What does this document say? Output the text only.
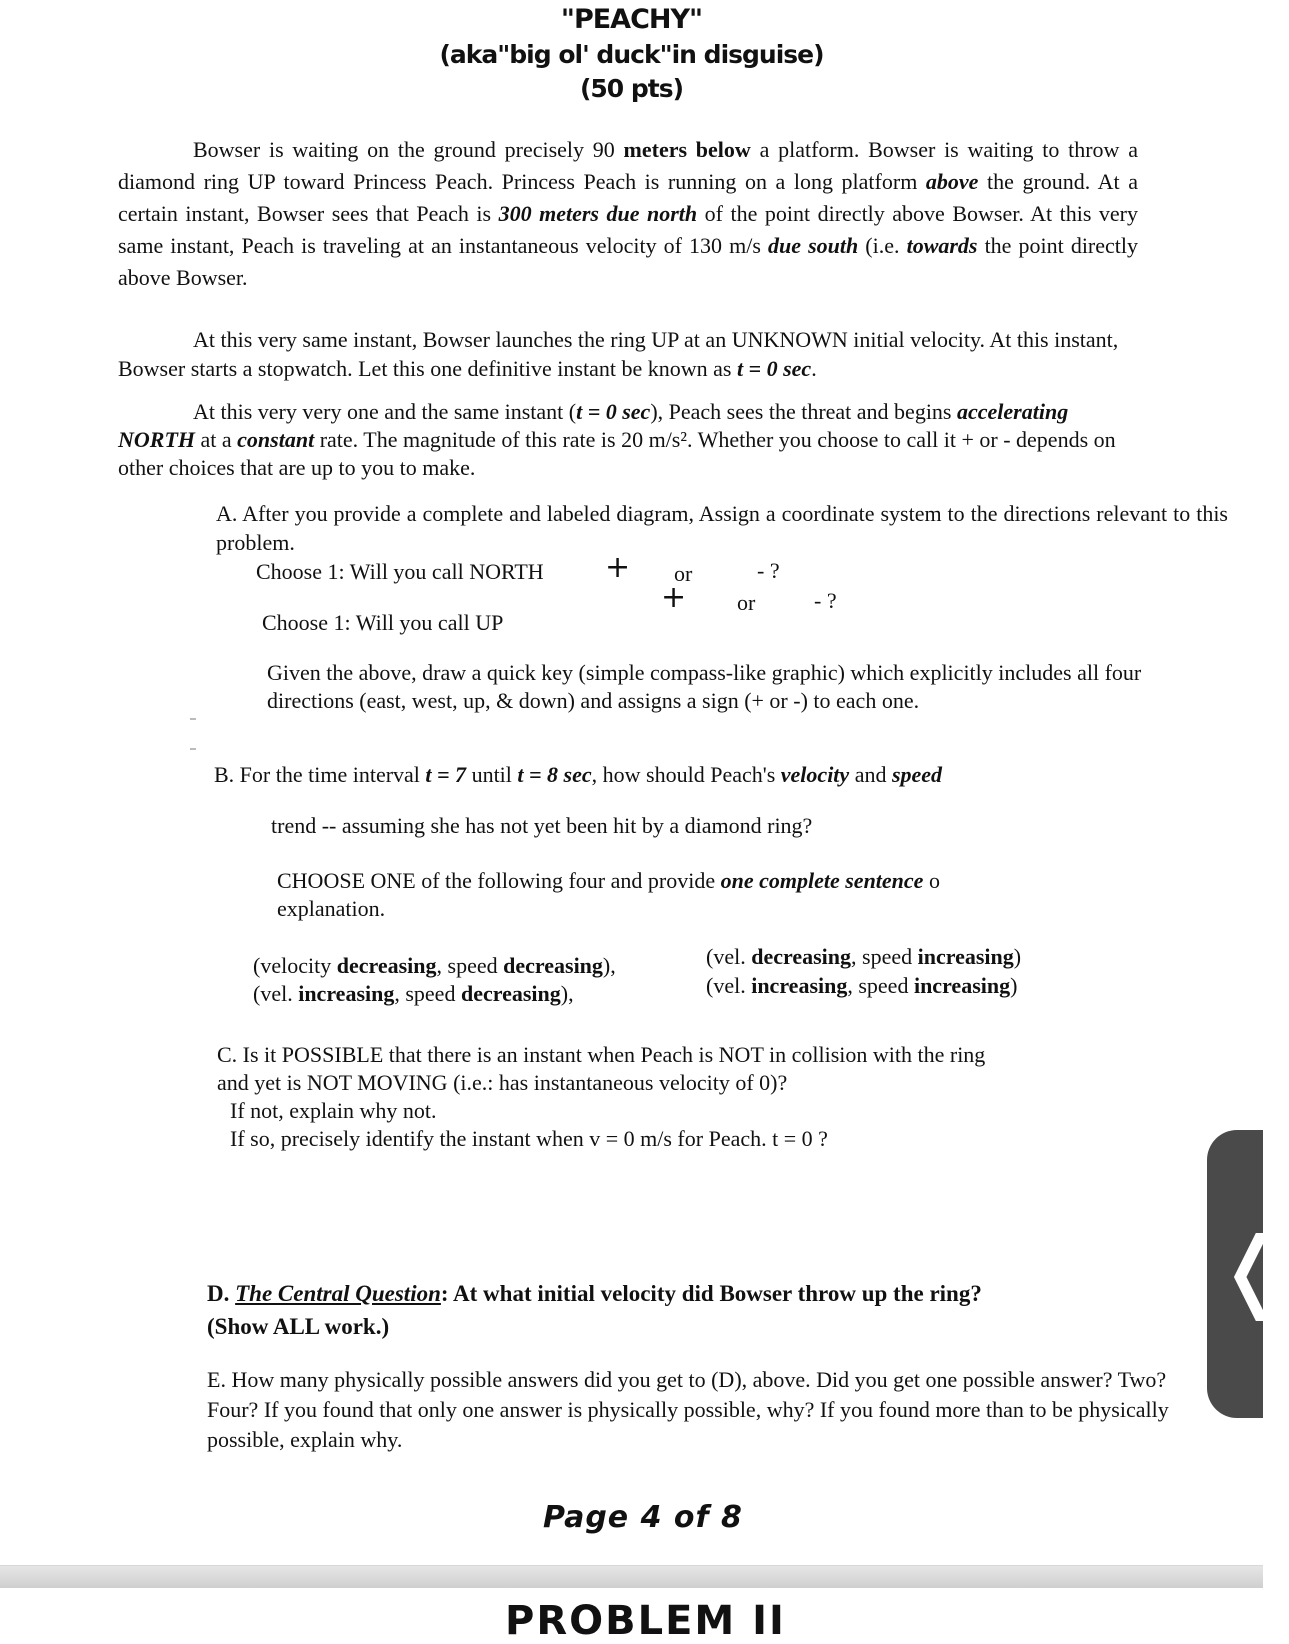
"PEACHY"
(aka"big ol' duck"in disguise)
(50 pts)
Bowser is waiting on the ground precisely 90 meters below a platform. Bowser is waiting to throw a diamond ring UP toward Princess Peach. Princess Peach is running on a long platform above the ground. At a certain instant, Bowser sees that Peach is 300 meters due north of the point directly above Bowser. At this very same instant, Peach is traveling at an instantaneous velocity of 130 m/s due south (i.e. towards the point directly above Bowser.
At this very same instant, Bowser launches the ring UP at an UNKNOWN initial velocity. At this instant, Bowser starts a stopwatch. Let this one definitive instant be known as t = 0 sec.
At this very very one and the same instant (t = 0 sec), Peach sees the threat and begins accelerating NORTH at a constant rate. The magnitude of this rate is 20 m/s². Whether you choose to call it + or - depends on other choices that are up to you to make.
A. After you provide a complete and labeled diagram, Assign a coordinate system to the directions relevant to this problem.
Choose 1: Will you call NORTH + or	- ?
+ or	- ?
Choose 1: Will you call UP
Given the above, draw a quick key (simple compass-like graphic) which explicitly includes all four directions (east, west, up, & down) and assigns a sign (+ or -) to each one.
B. For the time interval t = 7 until t = 8 sec, how should Peach's velocity and speed
trend -- assuming she has not yet been hit by a diamond ring?
CHOOSE ONE of the following four and provide one complete sentence o explanation.
(velocity decreasing, speed decreasing),
(vel. increasing, speed decreasing),
(vel. decreasing, speed increasing)
(vel. increasing, speed increasing)
C. Is it POSSIBLE that there is an instant when Peach is NOT in collision with the ring
and yet is NOT MOVING (i.e.: has instantaneous velocity of 0)?
If not, explain why not.
If so, precisely identify the instant when v = 0 m/s for Peach. t = 0 ?
D. The Central Question: At what initial velocity did Bowser throw up the ring?
(Show ALL work.)
E. How many physically possible answers did you get to (D), above. Did you get one possible answer? Two? Four? If you found that only one answer is physically possible, why? If you found more than to be physically possible, explain why.
Page 4 of 8
PROBLEM II
❬
